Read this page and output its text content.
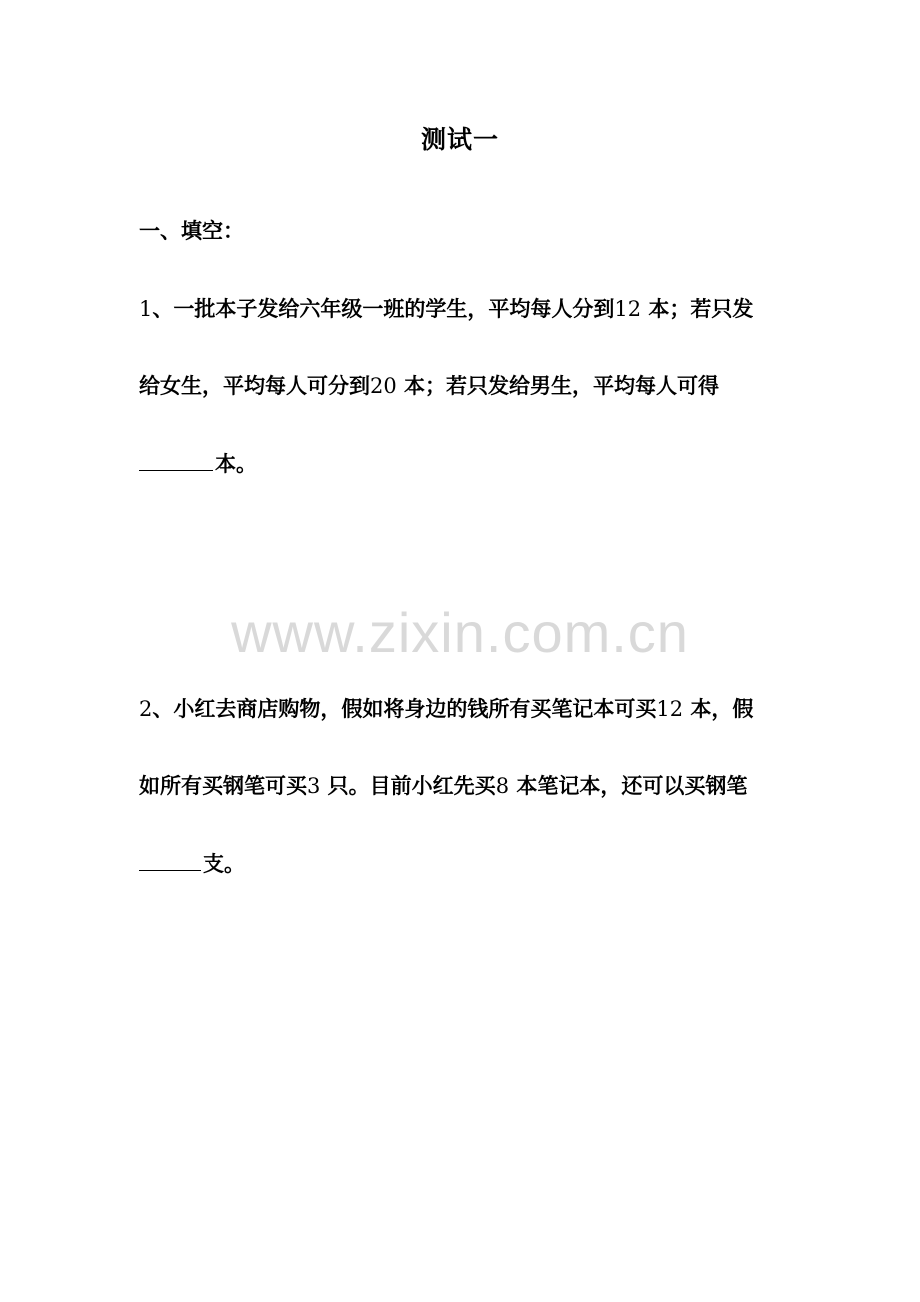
测试一
一、填空：
1、一批本子发给六年级一班的学生，平均每人分到12 本；若只发
给女生，平均每人可分到20 本；若只发给男生，平均每人可得
本。
www.zixin.com.cn
2、小红去商店购物，假如将身边的钱所有买笔记本可买12 本，假
如所有买钢笔可买3 只。目前小红先买8 本笔记本，还可以买钢笔
支。
